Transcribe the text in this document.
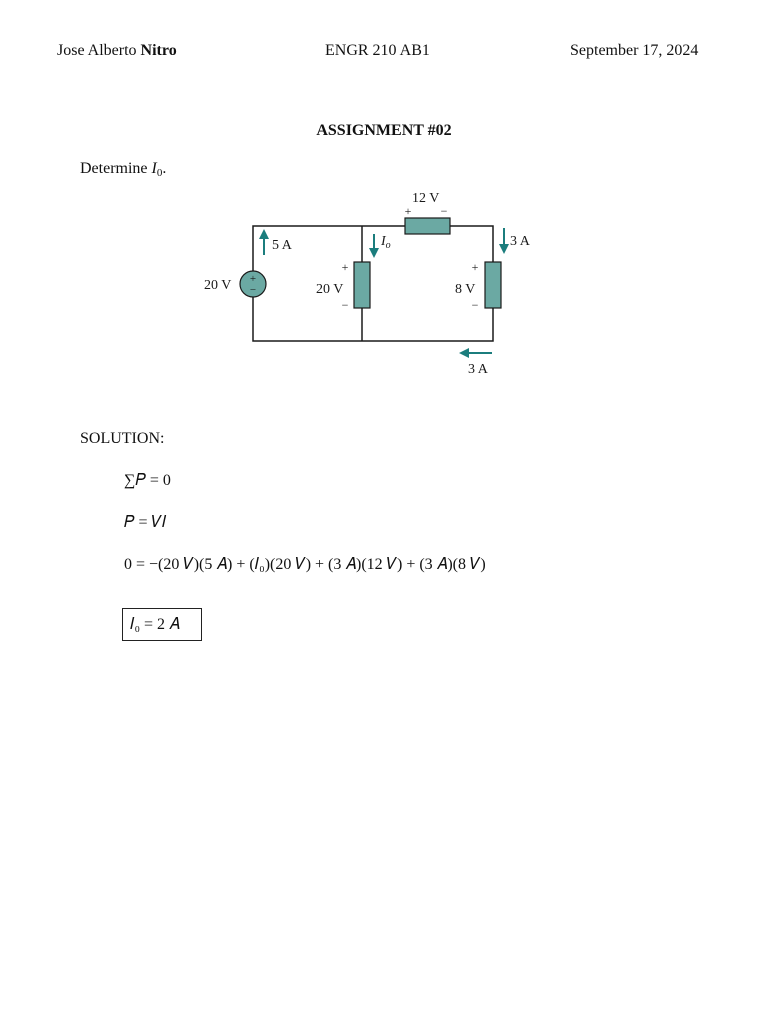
Jose Alberto Nitro	ENGR 210 AB1	September 17, 2024
ASSIGNMENT #02
Determine $I_0$.
+
−
20 V
5 A	$I_o$
+
−
20 V
12 V
+ −
+
−
8 V
3 A
3 A
SOLUTION:
∑𝑃 = 0
𝑃 = 𝑉𝐼
0 = −(20 𝑉)(5 𝐴) + (𝐼₀)(20 𝑉) + (3 𝐴)(12 𝑉) + (3 𝐴)(8 𝑉)
𝐼₀ = 2 𝐴
